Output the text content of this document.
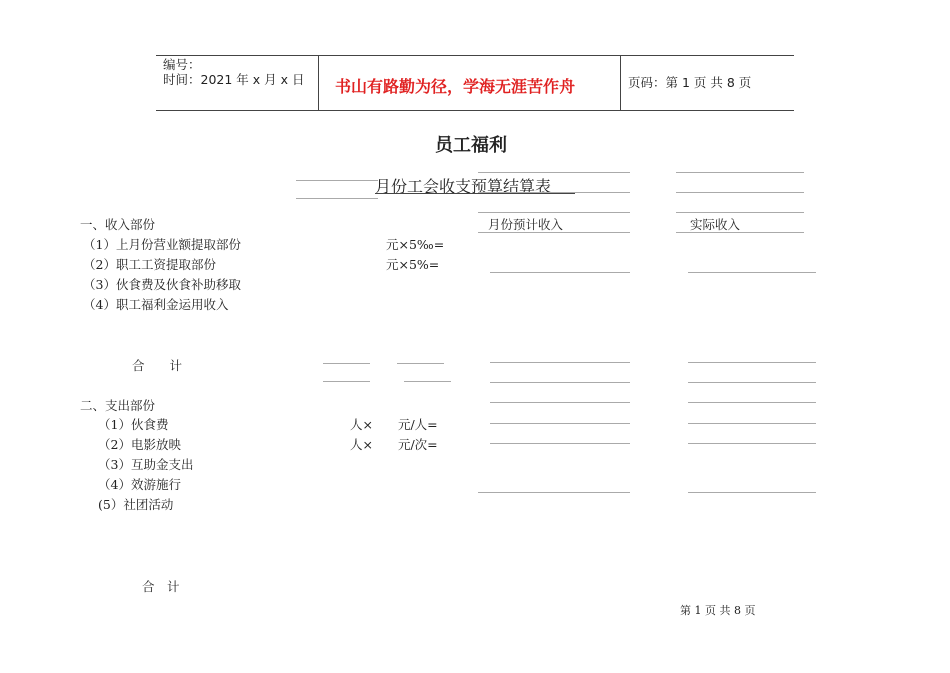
编号：
时间：2021 年 x 月 x 日 书山有路勤为径，学海无涯苦作舟	页码：第 1 页 共 8 页
员工福利
月份工会收支预算结算表
一、收入部份	月份预计收入	实际收入
（1）上月份营业额提取部份	元×5‰=
（2）职工工资提取部份	元×5%=
（3）伙食费及伙食补助移取
（4）职工福利金运用收入
合　　计
二、支出部份
（1）伙食费	人×　　元/人=
（2）电影放映	人×　　元/次=
（3）互助金支出
（4）效游施行
(5）社团活动
合　计
第 1 页 共 8 页
